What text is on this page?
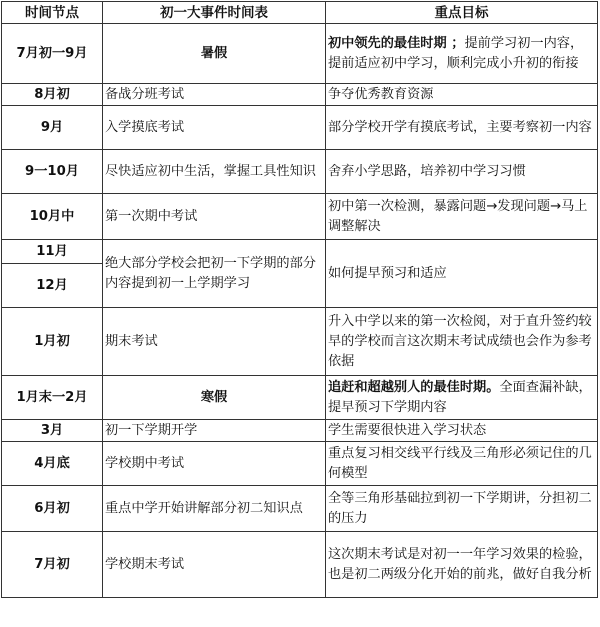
时间节点	初一大事件时间表	重点目标
7月初一9月	暑假	初中领先的最佳时期 ；提前学习初一内容，提前适应初中学习，顺利完成小升初的衔接
8月初	备战分班考试	争夺优秀教育资源
9月	入学摸底考试	部分学校开学有摸底考试，主要考察初一内容
9一10月	尽快适应初中生活，掌握工具性知识	舍弃小学思路，培养初中学习习惯
10月中	第一次期中考试	初中第一次检测，暴露问题→发现问题→马上调整解决
11月	绝大部分学校会把初一下学期的部分内容提到初一上学期学习	如何提早预习和适应
12月		
1月初	期末考试	升入中学以来的第一次检阅，对于直升签约较早的学校而言这次期末考试成绩也会作为参考依据
1月末一2月	寒假	追赶和超越别人的最佳时期。全面查漏补缺，提早预习下学期内容
3月	初一下学期开学	学生需要很快进入学习状态
4月底	学校期中考试	重点复习相交线平行线及三角形必须记住的几何模型
6月初	重点中学开始讲解部分初二知识点	全等三角形基础拉到初一下学期讲，分担初二的压力
7月初	学校期末考试	这次期末考试是对初一一年学习效果的检验，也是初二两级分化开始的前兆，做好自我分析
